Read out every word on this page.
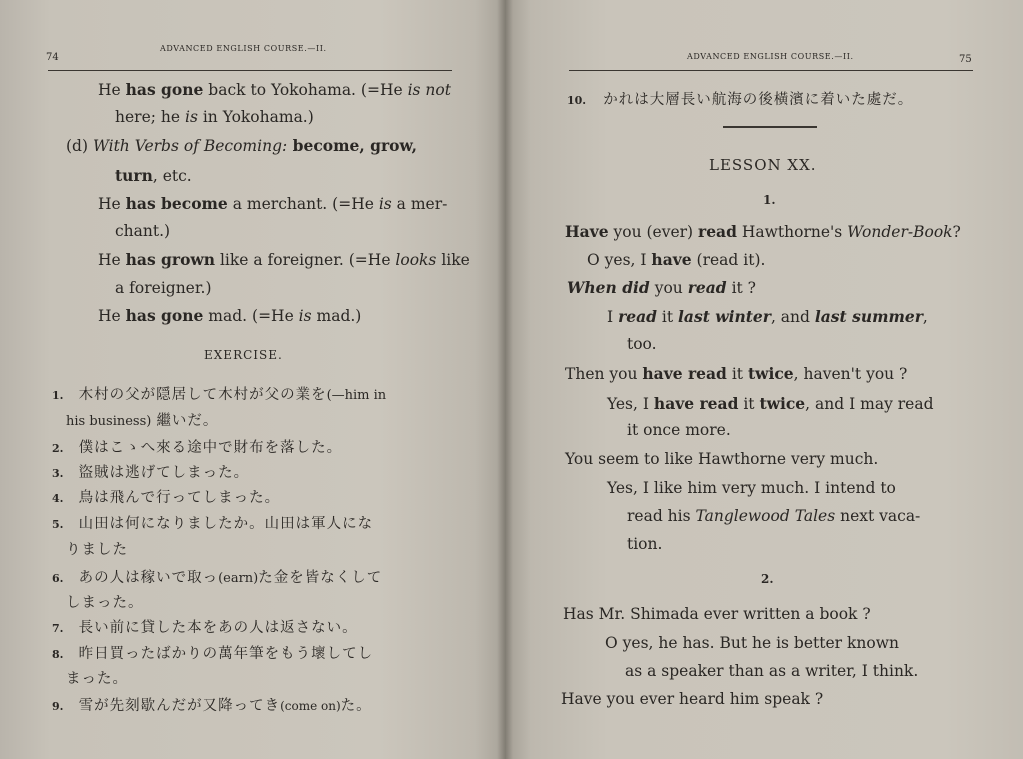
74
ADVANCED ENGLISH COURSE.—II.
He has gone back to Yokohama. (=He is not
here; he is in Yokohama.)
(d) With Verbs of Becoming: become, grow,
turn, etc.
He has become a merchant. (=He is a mer-
chant.)
He has grown like a foreigner. (=He looks like
a foreigner.)
He has gone mad. (=He is mad.)
EXERCISE.
1. 木村の父が隠居して木村が父の業を(—him in
his business) 繼いだ。
2. 僕はこゝへ來る途中で財布を落した。
3. 盜賊は逃げてしまった。
4. 鳥は飛んで行ってしまった。
5. 山田は何になりましたか。山田は軍人にな
りました
6. あの人は稼いで取っ(earn)た金を皆なくして
しまった。
7. 長い前に貸した本をあの人は返さない。
8. 昨日買ったばかりの萬年筆をもう壞してし
まった。
9. 雪が先刻歇んだが又降ってき(come on)た。
ADVANCED ENGLISH COURSE.—II.	75
10. かれは大層長い航海の後橫濱に着いた處だ。
LESSON XX.
1.
Have you (ever) read Hawthorne's Wonder-Book?
O yes, I have (read it).
When did you read it ?
I read it last winter, and last summer,
too.
Then you have read it twice, haven't you ?
Yes, I have read it twice, and I may read
it once more.
You seem to like Hawthorne very much.
Yes, I like him very much. I intend to
read his Tanglewood Tales next vaca-
tion.
2.
Has Mr. Shimada ever written a book ?
O yes, he has. But he is better known
as a speaker than as a writer, I think.
Have you ever heard him speak ?
